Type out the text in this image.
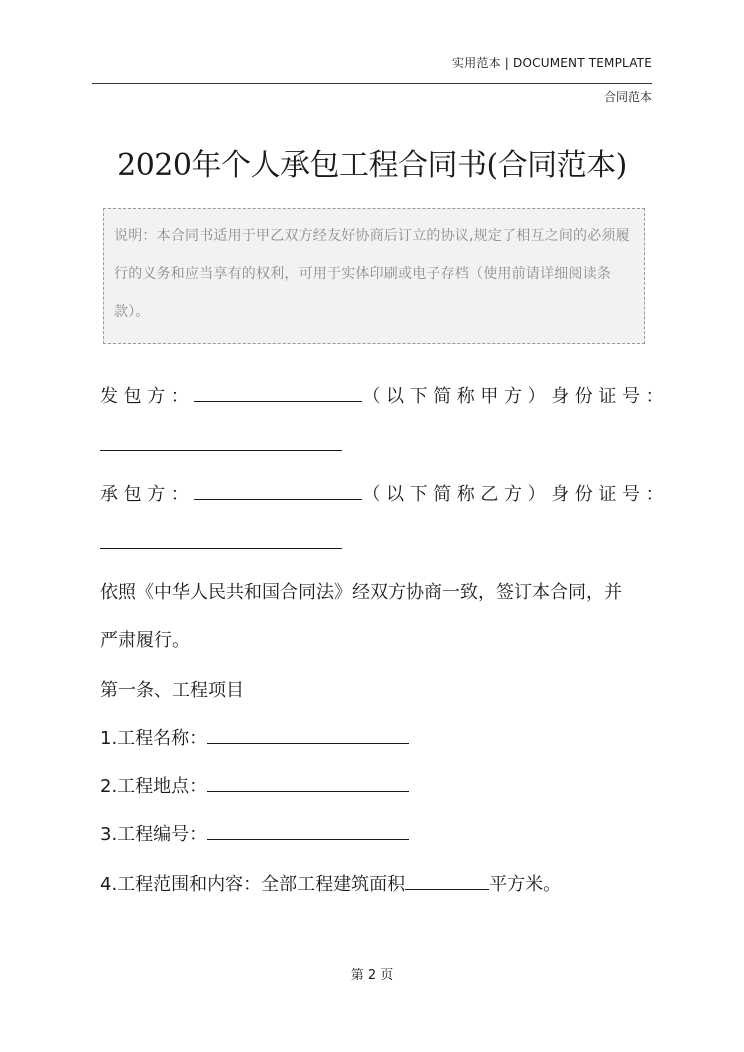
实用范本 | DOCUMENT TEMPLATE
合同范本
2020年个人承包工程合同书(合同范本)
说明：本合同书适用于甲乙双方经友好协商后订立的协议,规定了相互之间的必须履行的义务和应当享有的权利，可用于实体印刷或电子存档（使用前请详细阅读条款）。
发包方：	（以下简称甲方）身份证号：
承包方：	（以下简称乙方）身份证号：
依照《中华人民共和国合同法》经双方协商一致，签订本合同，并
严肃履行。
第一条、工程项目
1.工程名称：
2.工程地点：
3.工程编号：
4.工程范围和内容：全部工程建筑面积	平方米。
第 2 页
